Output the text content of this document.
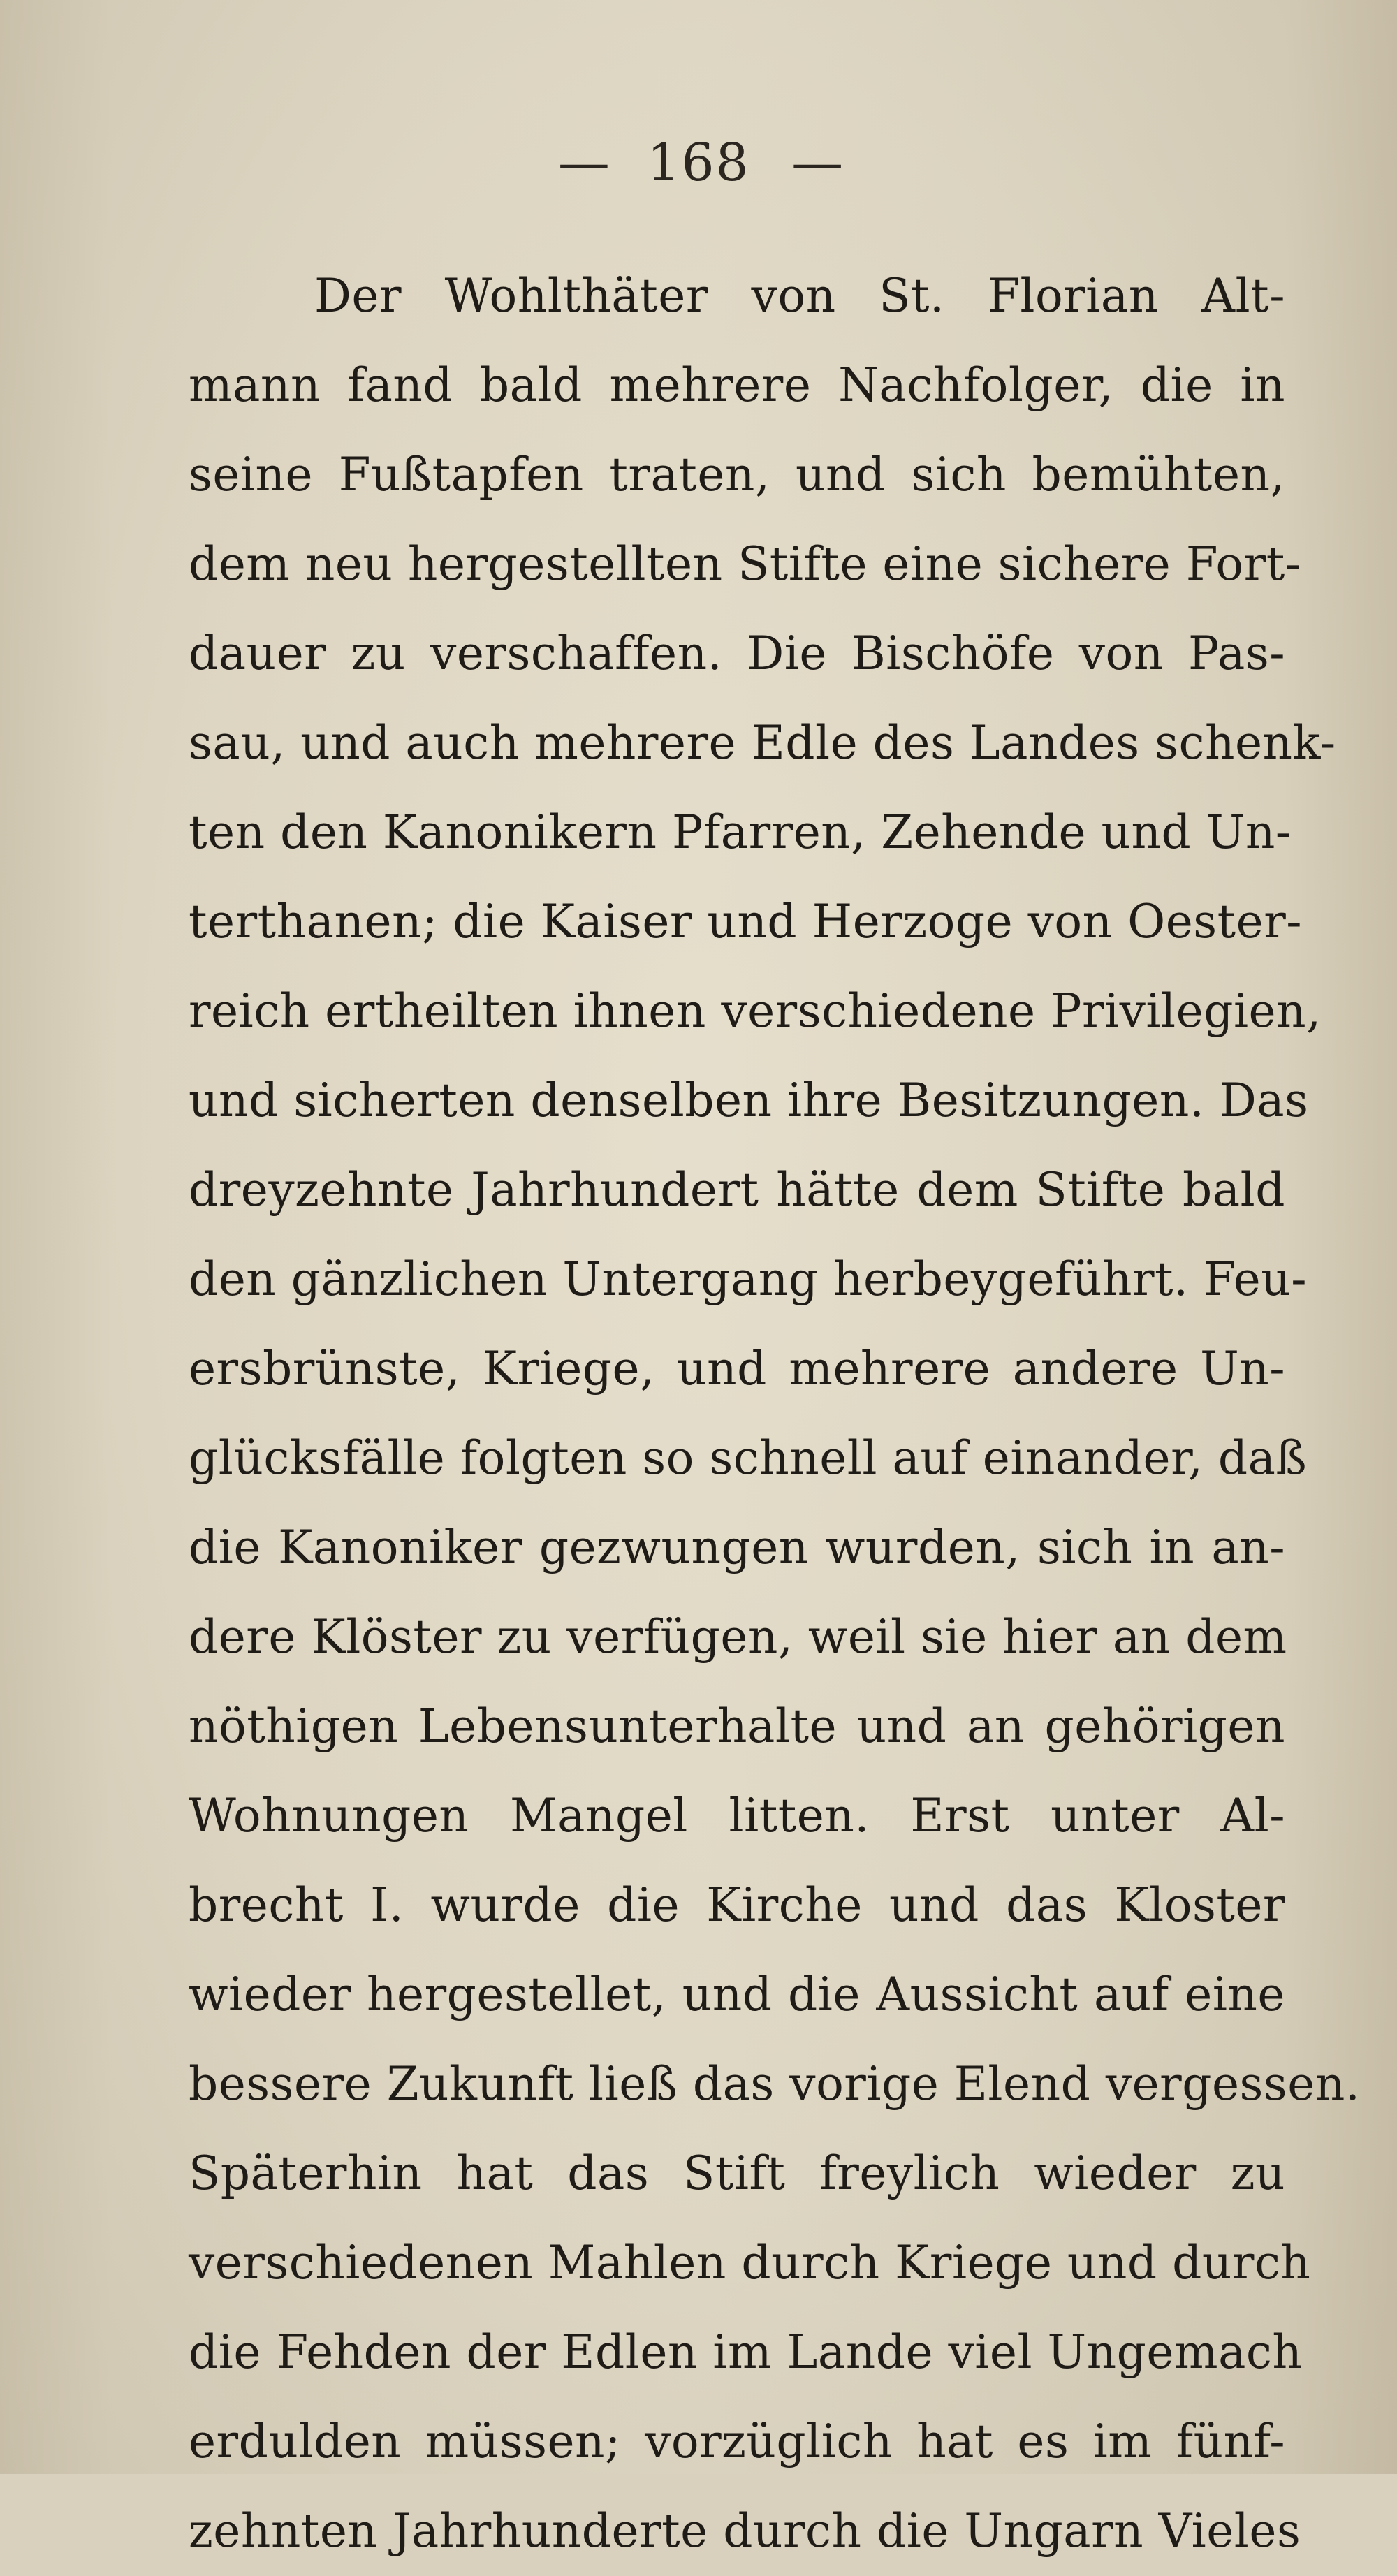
— 168 —
Der Wohlthäter von St. Florian Alt-
mann fand bald mehrere Nachfolger, die in
seine Fußtapfen traten, und sich bemühten,
dem neu hergestellten Stifte eine sichere Fort-
dauer zu verschaffen. Die Bischöfe von Pas-
sau, und auch mehrere Edle des Landes schenk-
ten den Kanonikern Pfarren, Zehende und Un-
terthanen; die Kaiser und Herzoge von Oester-
reich ertheilten ihnen verschiedene Privilegien,
und sicherten denselben ihre Besitzungen. Das
dreyzehnte Jahrhundert hätte dem Stifte bald
den gänzlichen Untergang herbeygeführt. Feu-
ersbrünste, Kriege, und mehrere andere Un-
glücksfälle folgten so schnell auf einander, daß
die Kanoniker gezwungen wurden, sich in an-
dere Klöster zu verfügen, weil sie hier an dem
nöthigen Lebensunterhalte und an gehörigen
Wohnungen Mangel litten. Erst unter Al-
brecht I. wurde die Kirche und das Kloster
wieder hergestellet, und die Aussicht auf eine
bessere Zukunft ließ das vorige Elend vergessen.
Späterhin hat das Stift freylich wieder zu
verschiedenen Mahlen durch Kriege und durch
die Fehden der Edlen im Lande viel Ungemach
erdulden müssen; vorzüglich hat es im fünf-
zehnten Jahrhunderte durch die Ungarn Vieles
